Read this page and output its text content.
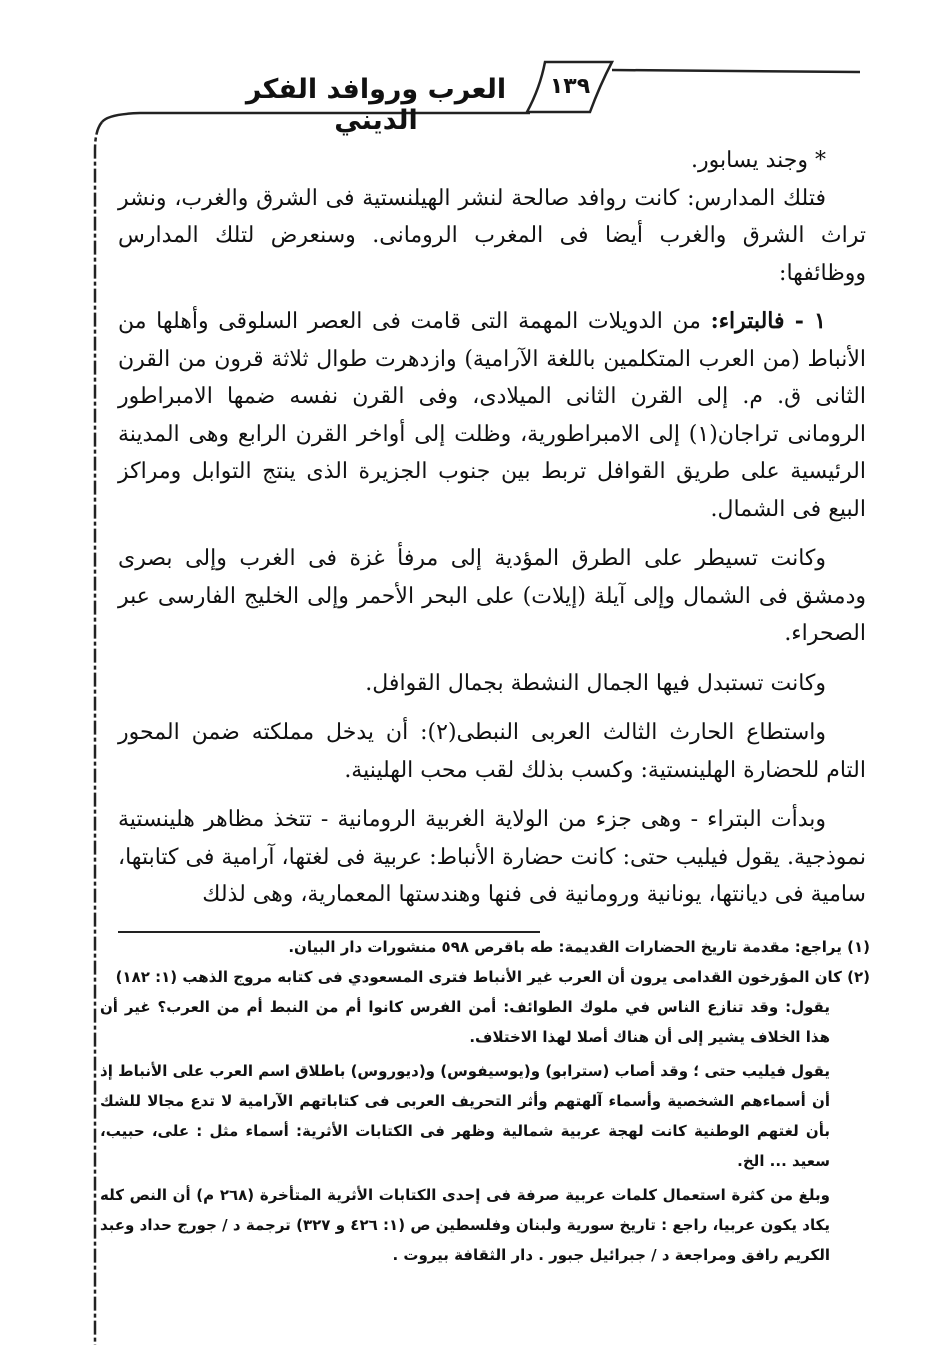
العرب وروافد الفكر الديني
١٣٩

* وجند يسابور.

فتلك المدارس: كانت روافد صالحة لنشر الهيلنستية فى الشرق والغرب، ونشر تراث الشرق والغرب أيضا فى المغرب الرومانى. وسنعرض لتلك المدارس ووظائفها:

١ - فالبتراء: من الدويلات المهمة التى قامت فى العصر السلوقى وأهلها من الأنباط (من العرب المتكلمين باللغة الآرامية) وازدهرت طوال ثلاثة قرون من القرن الثانى ق. م. إلى القرن الثانى الميلادى، وفى القرن نفسه ضمها الامبراطور الرومانى تراجان(١) إلى الامبراطورية، وظلت إلى أواخر القرن الرابع وهى المدينة الرئيسية على طريق القوافل تربط بين جنوب الجزيرة الذى ينتج التوابل ومراكز البيع فى الشمال.

وكانت تسيطر على الطرق المؤدية إلى مرفأ غزة فى الغرب وإلى بصرى ودمشق فى الشمال وإلى آيلة (إيلات) على البحر الأحمر وإلى الخليج الفارسى عبر الصحراء.

وكانت تستبدل فيها الجمال النشطة بجمال القوافل.

واستطاع الحارث الثالث العربى النبطى(٢): أن يدخل مملكته ضمن المحور التام للحضارة الهلينستية: وكسب بذلك لقب محب الهلينية.

وبدأت البتراء - وهى جزء من الولاية الغربية الرومانية - تتخذ مظاهر هلينستية نموذجية. يقول فيليب حتى: كانت حضارة الأنباط: عربية فى لغتها، آرامية فى كتابتها، سامية فى ديانتها، يونانية ورومانية فى فنها وهندستها المعمارية، وهى لذلك

(١) يراجع: مقدمة تاريخ الحضارات القديمة: طه باقرص ٥٩٨ منشورات دار البيان.

(٢) كان المؤرخون القدامى يرون أن العرب غير الأنباط فترى المسعودي فى كتابه مروج الذهب (١: ١٨٢)

يقول: وقد تنازع الناس في ملوك الطوائف: أمن الفرس كانوا أم من النبط أم من العرب؟ غير أن هذا الخلاف يشير إلى أن هناك أصلا لهذا الاختلاف.

يقول فيليب حتى ؛ وقد أصاب (سترابو) و(يوسيفوس) و(ديوروس) باطلاق اسم العرب على الأنباط إذ أن أسماءهم الشخصية وأسماء آلهتهم وأثر التحريف العربى فى كتاباتهم الآرامية لا تدع مجالا للشك بأن لغتهم الوطنية كانت لهجة عربية شمالية وظهر فى الكتابات الأثرية: أسماء مثل : على، حبيب، سعيد ... الخ.

وبلغ من كثرة استعمال كلمات عربية صرفة فى إحدى الكتابات الأثرية المتأخرة (٢٦٨ م) أن النص كله يكاد يكون عربيا، راجع : تاريخ سورية ولبنان وفلسطين ص (١: ٤٢٦ و ٣٢٧) ترجمة د / جورج حداد وعبد الكريم رافق ومراجعة د / جبرائيل جبور . دار الثقافة بيروت .
